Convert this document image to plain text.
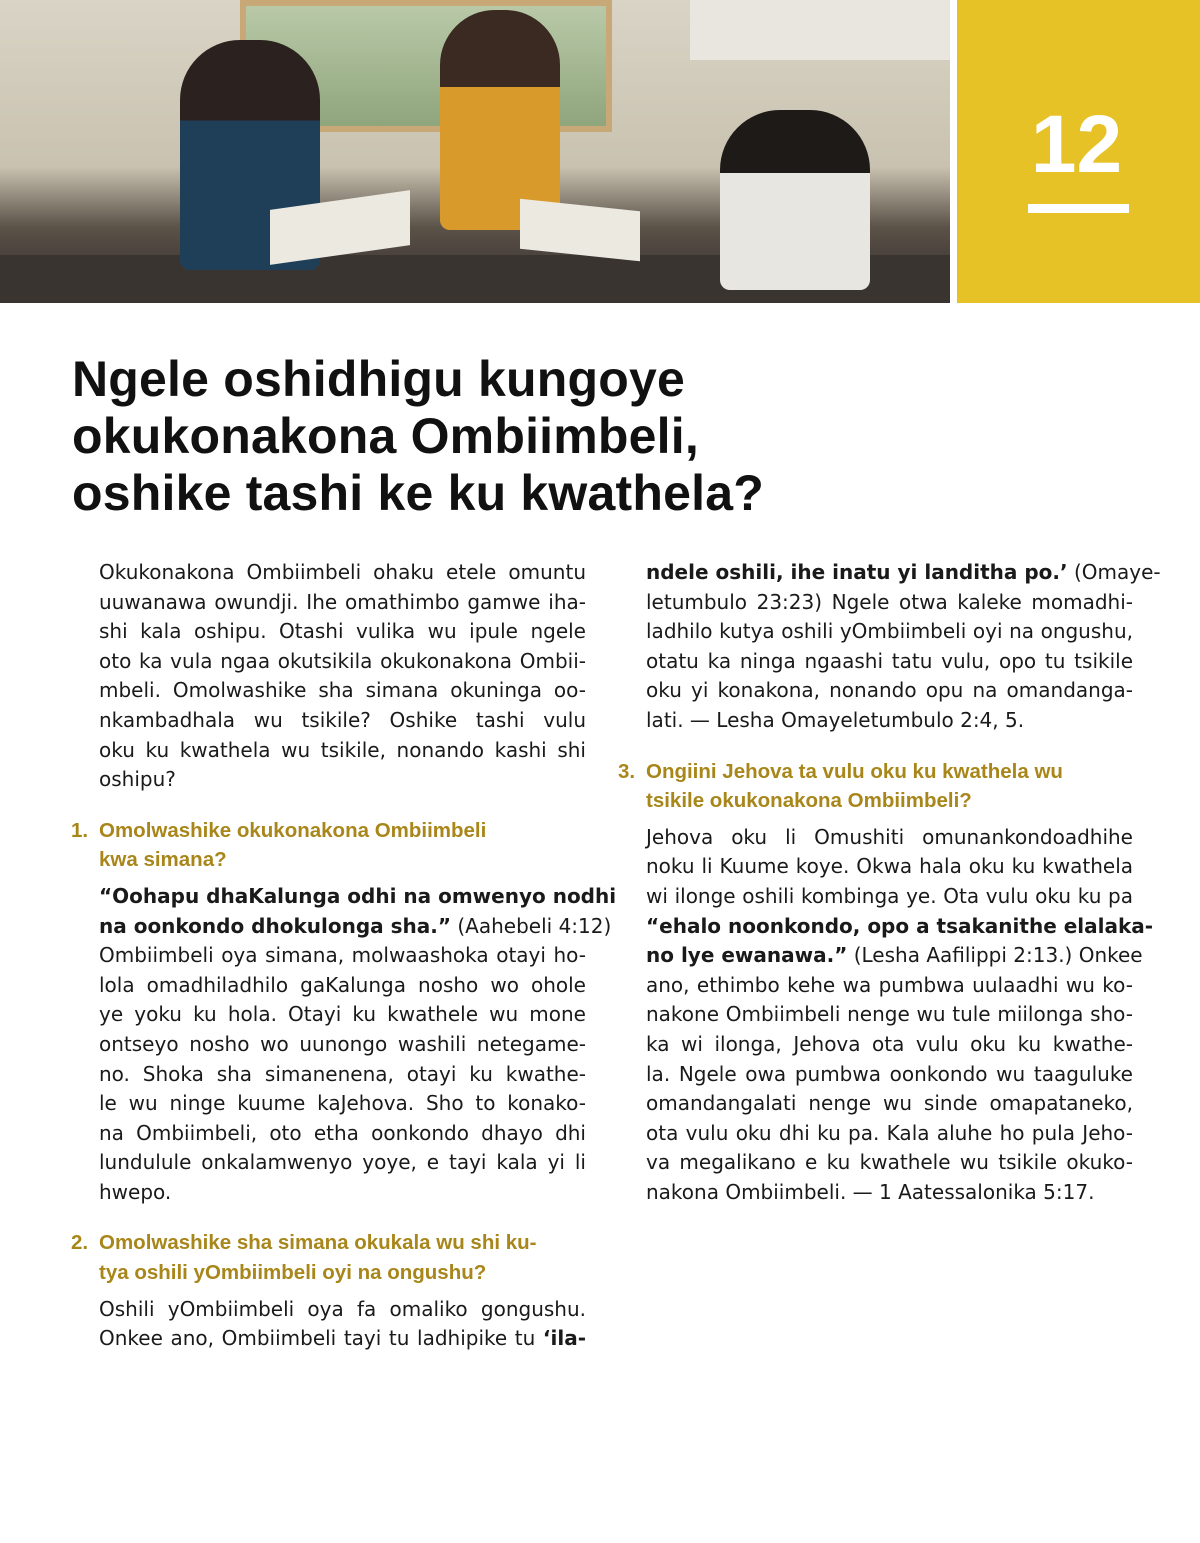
12
Ngele oshidhigu kungoye
okukonakona Ombiimbeli,
oshike tashi ke ku kwathela?
Okukonakona Ombiimbeli ohaku etele omuntu
uuwanawa owundji. Ihe omathimbo gamwe iha-
shi kala oshipu. Otashi vulika wu ipule ngele
oto ka vula ngaa okutsikila okukonakona Ombii-
mbeli. Omolwashike sha simana okuninga oo-
nkambadhala wu tsikile? Oshike tashi vulu
oku ku kwathela wu tsikile, nonando kashi shi
oshipu?
1. Omolwashike okukonakona Ombiimbeli
kwa simana?
“Oohapu dhaKalunga odhi na omwenyo nodhi
na oonkondo dhokulonga sha.” (Aahebeli 4:12)
Ombiimbeli oya simana, molwaashoka otayi ho-
lola omadhiladhilo gaKalunga nosho wo ohole
ye yoku ku hola. Otayi ku kwathele wu mone
ontseyo nosho wo uunongo washili netegame-
no. Shoka sha simanenena, otayi ku kwathe-
le wu ninge kuume kaJehova. Sho to konako-
na Ombiimbeli, oto etha oonkondo dhayo dhi
lundulule onkalamwenyo yoye, e tayi kala yi li
hwepo.
2. Omolwashike sha simana okukala wu shi ku-
tya oshili yOmbiimbeli oyi na ongushu?
Oshili yOmbiimbeli oya fa omaliko gongushu.
Onkee ano, Ombiimbeli tayi tu ladhipike tu ‘ila-
ndele oshili, ihe inatu yi landitha po.’ (Omaye-
letumbulo 23:23) Ngele otwa kaleke momadhi-
ladhilo kutya oshili yOmbiimbeli oyi na ongushu,
otatu ka ninga ngaashi tatu vulu, opo tu tsikile
oku yi konakona, nonando opu na omandanga-
lati. — Lesha Omayeletumbulo 2:4, 5.
3. Ongiini Jehova ta vulu oku ku kwathela wu
tsikile okukonakona Ombiimbeli?
Jehova oku li Omushiti omunankondoadhihe
noku li Kuume koye. Okwa hala oku ku kwathela
wi ilonge oshili kombinga ye. Ota vulu oku ku pa
“ehalo noonkondo, opo a tsakanithe elalaka-
no lye ewanawa.” (Lesha Aafilippi 2:13.) Onkee
ano, ethimbo kehe wa pumbwa uulaadhi wu ko-
nakone Ombiimbeli nenge wu tule miilonga sho-
ka wi ilonga, Jehova ota vulu oku ku kwathe-
la. Ngele owa pumbwa oonkondo wu taaguluke
omandangalati nenge wu sinde omapataneko,
ota vulu oku dhi ku pa. Kala aluhe ho pula Jeho-
va megalikano e ku kwathele wu tsikile okuko-
nakona Ombiimbeli. — 1 Aatessalonika 5:17.
